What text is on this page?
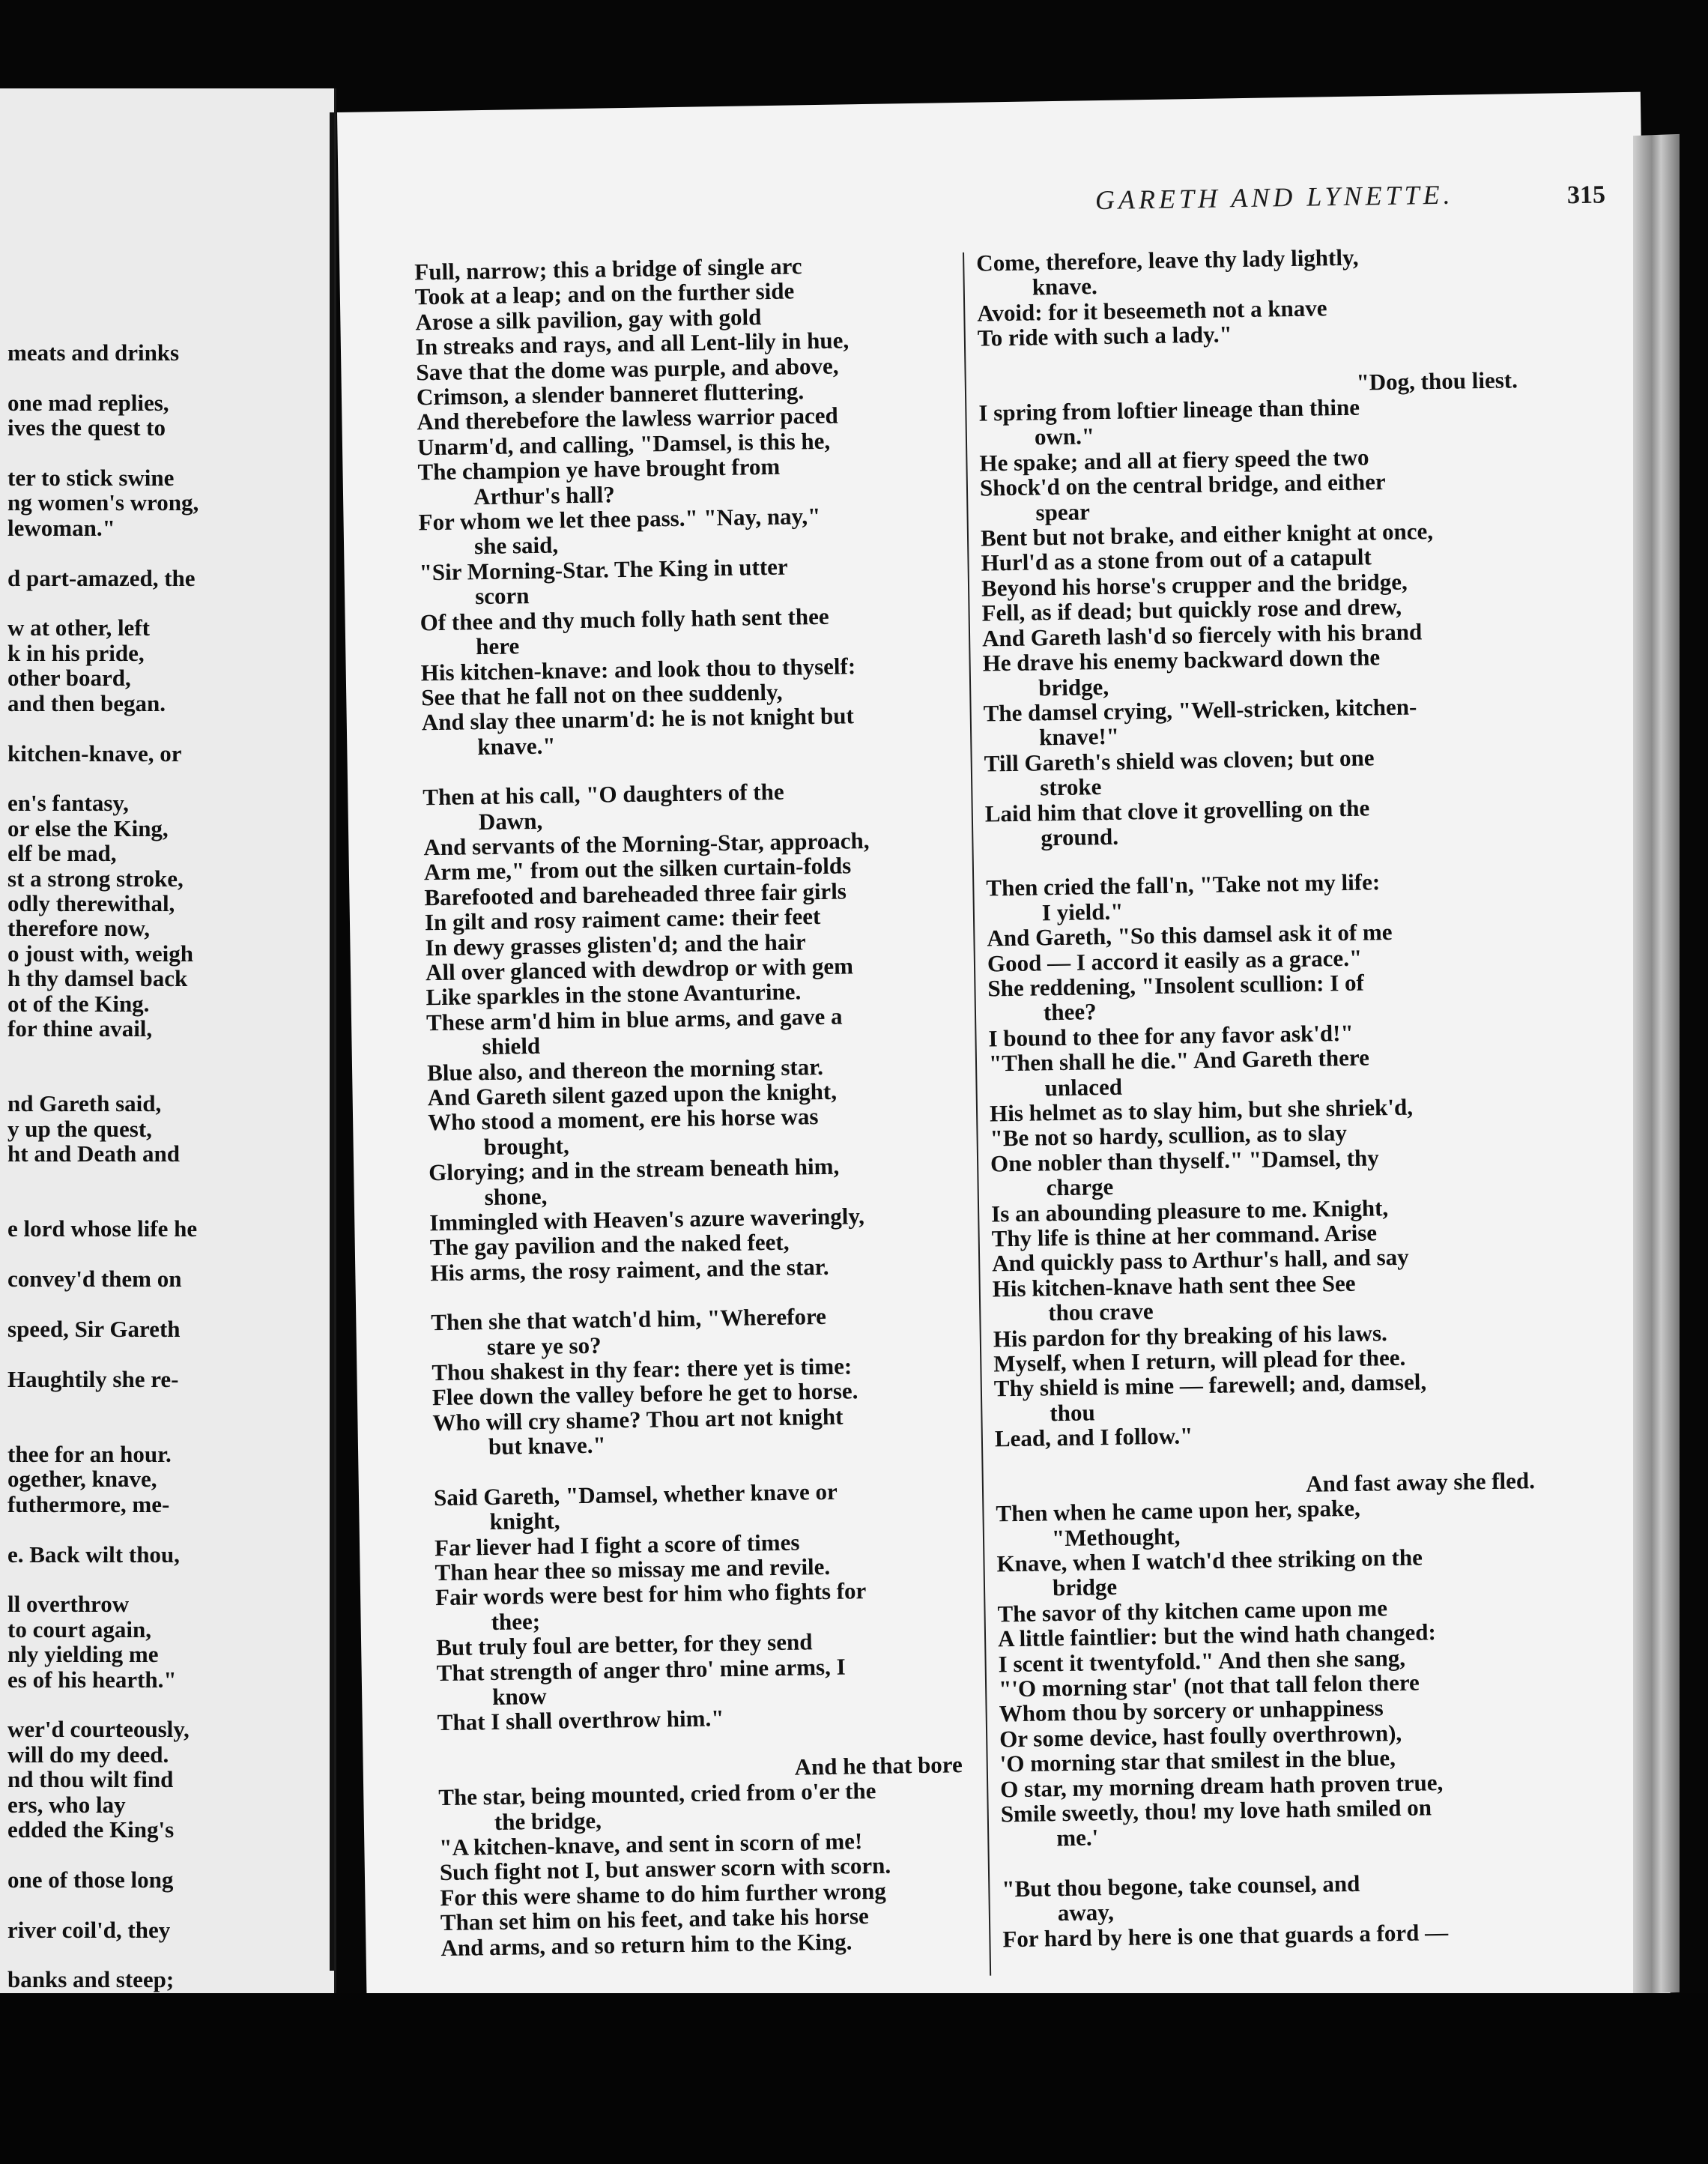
meats and drinks

one mad replies,
ives the quest to

ter to stick swine
ng women's wrong,
lewoman."

d part-amazed, the

w at other, left
k in his pride,
other board,
and then began.

kitchen-knave, or

en's fantasy,
or else the King,
elf be mad,
st a strong stroke,
odly therewithal,
therefore now,
o joust with, weigh
h thy damsel back
ot of the King.
for thine avail,

nd Gareth said,
y up the quest,
ht and Death and

e lord whose life he

convey'd them on

speed, Sir Gareth

Haughtily she re-

thee for an hour.
ogether, knave,
futhermore, me-

e. Back wilt thou,

ll overthrow
to court again,
nly yielding me
es of his hearth."

wer'd courteously,
will do my deed.
nd thou wilt find
ers, who lay
edded the King's

one of those long

river coil'd, they

banks and steep;
GARETH AND LYNETTE.	315
Full, narrow; this a bridge of single arc
Took at a leap; and on the further side
Arose a silk pavilion, gay with gold
In streaks and rays, and all Lent-lily in hue,
Save that the dome was purple, and above,
Crimson, a slender banneret fluttering.
And therebefore the lawless warrior paced
Unarm'd, and calling, "Damsel, is this he,
The champion ye have brought from
Arthur's hall?
For whom we let thee pass." "Nay, nay,"
she said,
"Sir Morning-Star. The King in utter
scorn
Of thee and thy much folly hath sent thee
here
His kitchen-knave: and look thou to thyself:
See that he fall not on thee suddenly,
And slay thee unarm'd: he is not knight but
knave."
Then at his call, "O daughters of the
Dawn,
And servants of the Morning-Star, approach,
Arm me," from out the silken curtain-folds
Barefooted and bareheaded three fair girls
In gilt and rosy raiment came: their feet
In dewy grasses glisten'd; and the hair
All over glanced with dewdrop or with gem
Like sparkles in the stone Avanturine.
These arm'd him in blue arms, and gave a
shield
Blue also, and thereon the morning star.
And Gareth silent gazed upon the knight,
Who stood a moment, ere his horse was
brought,
Glorying; and in the stream beneath him,
shone,
Immingled with Heaven's azure waveringly,
The gay pavilion and the naked feet,
His arms, the rosy raiment, and the star.
Then she that watch'd him, "Wherefore
stare ye so?
Thou shakest in thy fear: there yet is time:
Flee down the valley before he get to horse.
Who will cry shame? Thou art not knight
but knave."
Said Gareth, "Damsel, whether knave or
knight,
Far liever had I fight a score of times
Than hear thee so missay me and revile.
Fair words were best for him who fights for
thee;
But truly foul are better, for they send
That strength of anger thro' mine arms, I
know
That I shall overthrow him."
And he that bore
The star, being mounted, cried from o'er the
the bridge,
"A kitchen-knave, and sent in scorn of me!
Such fight not I, but answer scorn with scorn.
For this were shame to do him further wrong
Than set him on his feet, and take his horse
And arms, and so return him to the King.
Come, therefore, leave thy lady lightly,
knave.
Avoid: for it beseemeth not a knave
To ride with such a lady."
"Dog, thou liest.
I spring from loftier lineage than thine
own."
He spake; and all at fiery speed the two
Shock'd on the central bridge, and either
spear
Bent but not brake, and either knight at once,
Hurl'd as a stone from out of a catapult
Beyond his horse's crupper and the bridge,
Fell, as if dead; but quickly rose and drew,
And Gareth lash'd so fiercely with his brand
He drave his enemy backward down the
bridge,
The damsel crying, "Well-stricken, kitchen-
knave!"
Till Gareth's shield was cloven; but one
stroke
Laid him that clove it grovelling on the
ground.
Then cried the fall'n, "Take not my life:
I yield."
And Gareth, "So this damsel ask it of me
Good — I accord it easily as a grace."
She reddening, "Insolent scullion: I of
thee?
I bound to thee for any favor ask'd!"
"Then shall he die." And Gareth there
unlaced
His helmet as to slay him, but she shriek'd,
"Be not so hardy, scullion, as to slay
One nobler than thyself." "Damsel, thy
charge
Is an abounding pleasure to me. Knight,
Thy life is thine at her command. Arise
And quickly pass to Arthur's hall, and say
His kitchen-knave hath sent thee See
thou crave
His pardon for thy breaking of his laws.
Myself, when I return, will plead for thee.
Thy shield is mine — farewell; and, damsel,
thou
Lead, and I follow."
And fast away she fled.
Then when he came upon her, spake,
"Methought,
Knave, when I watch'd thee striking on the
bridge
The savor of thy kitchen came upon me
A little faintlier: but the wind hath changed:
I scent it twentyfold." And then she sang,
"'O morning star' (not that tall felon there
Whom thou by sorcery or unhappiness
Or some device, hast foully overthrown),
'O morning star that smilest in the blue,
O star, my morning dream hath proven true,
Smile sweetly, thou! my love hath smiled on
me.'
"But thou begone, take counsel, and
away,
For hard by here is one that guards a ford —
